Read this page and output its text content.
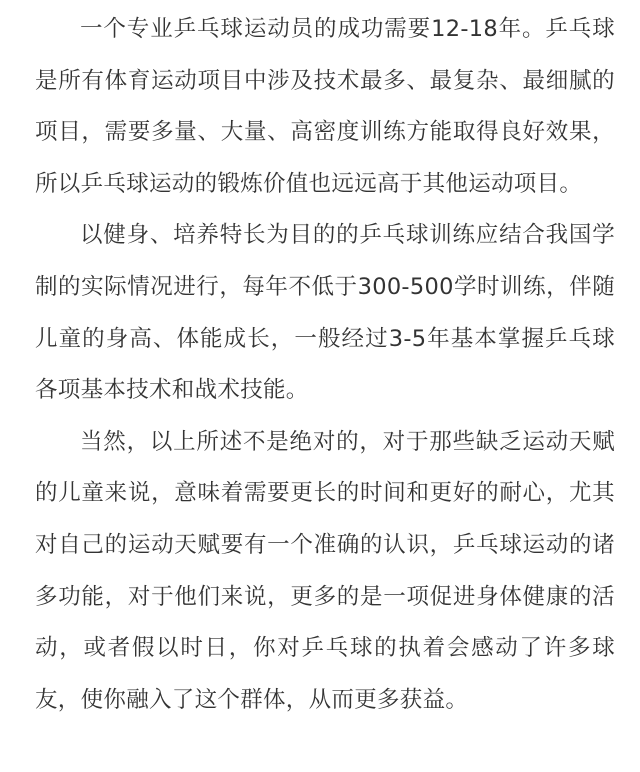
一个专业乒乓球运动员的成功需要12-18年。乒乓球是所有体育运动项目中涉及技术最多、最复杂、最细腻的项目，需要多量、大量、高密度训练方能取得良好效果，所以乒乓球运动的锻炼价值也远远高于其他运动项目。

以健身、培养特长为目的的乒乓球训练应结合我国学制的实际情况进行，每年不低于300-500学时训练，伴随儿童的身高、体能成长，一般经过3-5年基本掌握乒乓球各项基本技术和战术技能。

当然，以上所述不是绝对的，对于那些缺乏运动天赋的儿童来说，意味着需要更长的时间和更好的耐心，尤其对自己的运动天赋要有一个准确的认识，乒乓球运动的诸多功能，对于他们来说，更多的是一项促进身体健康的活动，或者假以时日，你对乒乓球的执着会感动了许多球友，使你融入了这个群体，从而更多获益。
